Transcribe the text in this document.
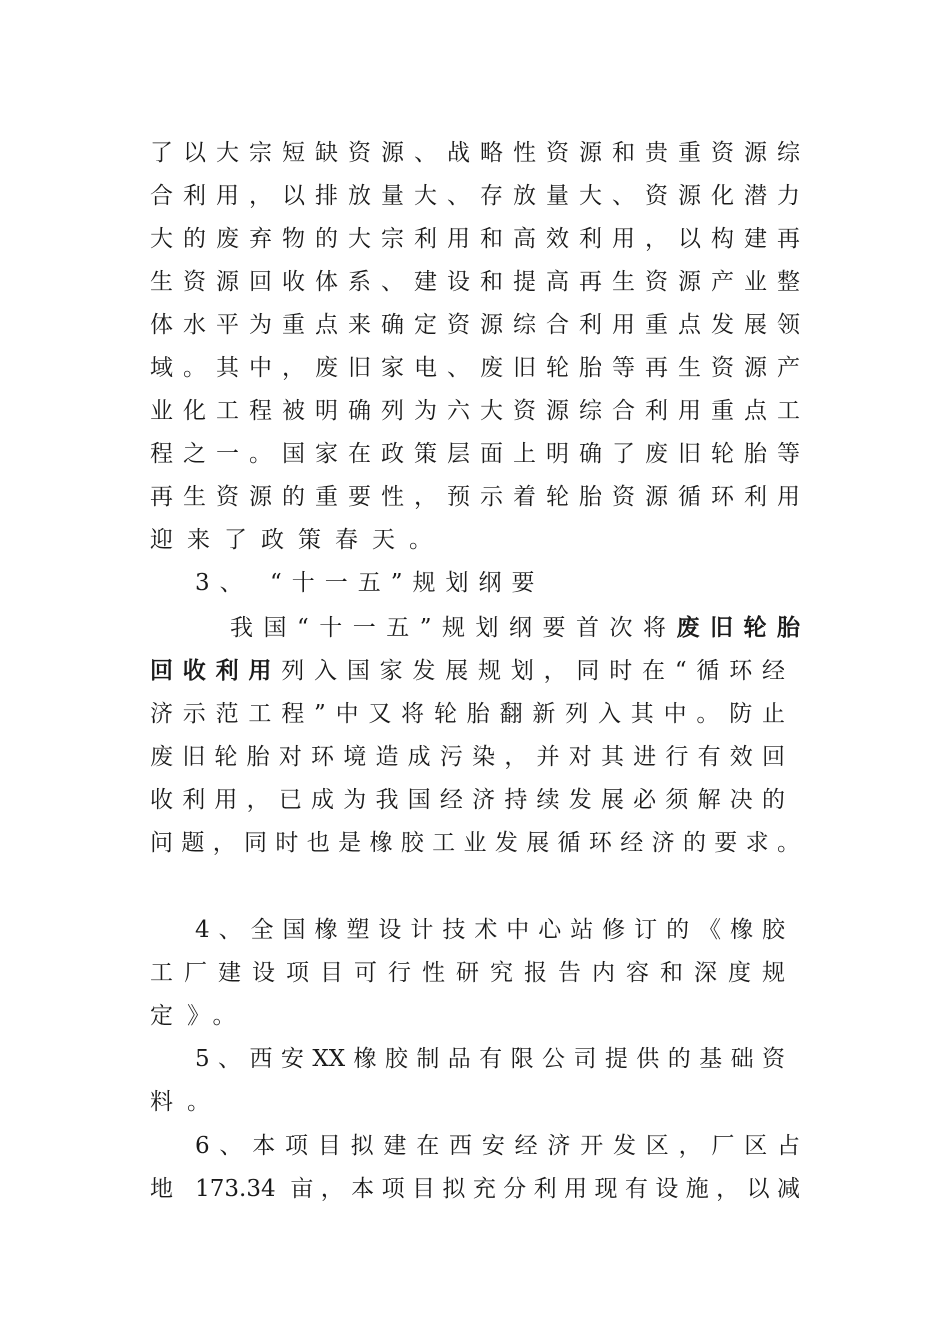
了以大宗短缺资源、战略性资源和贵重资源综
合利用，以排放量大、存放量大、资源化潜力
大的废弃物的大宗利用和高效利用，以构建再
生资源回收体系、建设和提高再生资源产业整
体水平为重点来确定资源综合利用重点发展领
域。其中，废旧家电、废旧轮胎等再生资源产
业化工程被明确列为六大资源综合利用重点工
程之一。国家在政策层面上明确了废旧轮胎等
再生资源的重要性，预示着轮胎资源循环利用
迎来了政策春天。
3、 “十一五”规划纲要
我国“十一五”规划纲要首次将废旧轮胎
回收利用列入国家发展规划，同时在“循环经
济示范工程”中又将轮胎翻新列入其中。防止
废旧轮胎对环境造成污染，并对其进行有效回
收利用，已成为我国经济持续发展必须解决的
问题，同时也是橡胶工业发展循环经济的要求。
4、全国橡塑设计技术中心站修订的《橡胶
工厂建设项目可行性研究报告内容和深度规
定》。
5、西安XX橡胶制品有限公司提供的基础资
料。
6、本项目拟建在西安经济开发区，厂区占
地 173.34 亩，本项目拟充分利用现有设施，以减
